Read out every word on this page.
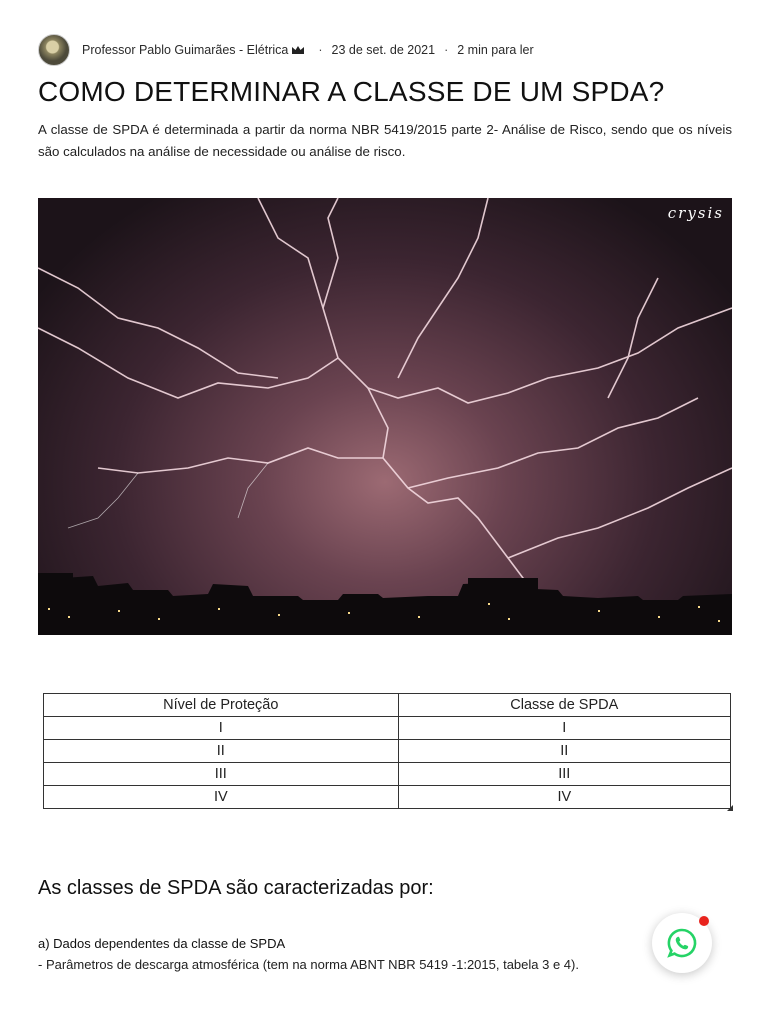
Professor Pablo Guimarães - Elétrica · 23 de set. de 2021 · 2 min para ler
COMO DETERMINAR A CLASSE DE UM SPDA?

A classe de SPDA é determinada a partir da norma NBR 5419/2015 parte 2- Análise de Risco, sendo que os níveis são calculados na análise de necessidade ou análise de risco.

crysis
Nível de Proteção	Classe de SPDA
I	I
II	II
III	III
IV	IV
As classes de SPDA são caracterizadas por:

a) Dados dependentes da classe de SPDA

- Parâmetros de descarga atmosférica (tem na norma ABNT NBR 5419 -1:2015, tabela 3 e 4).
